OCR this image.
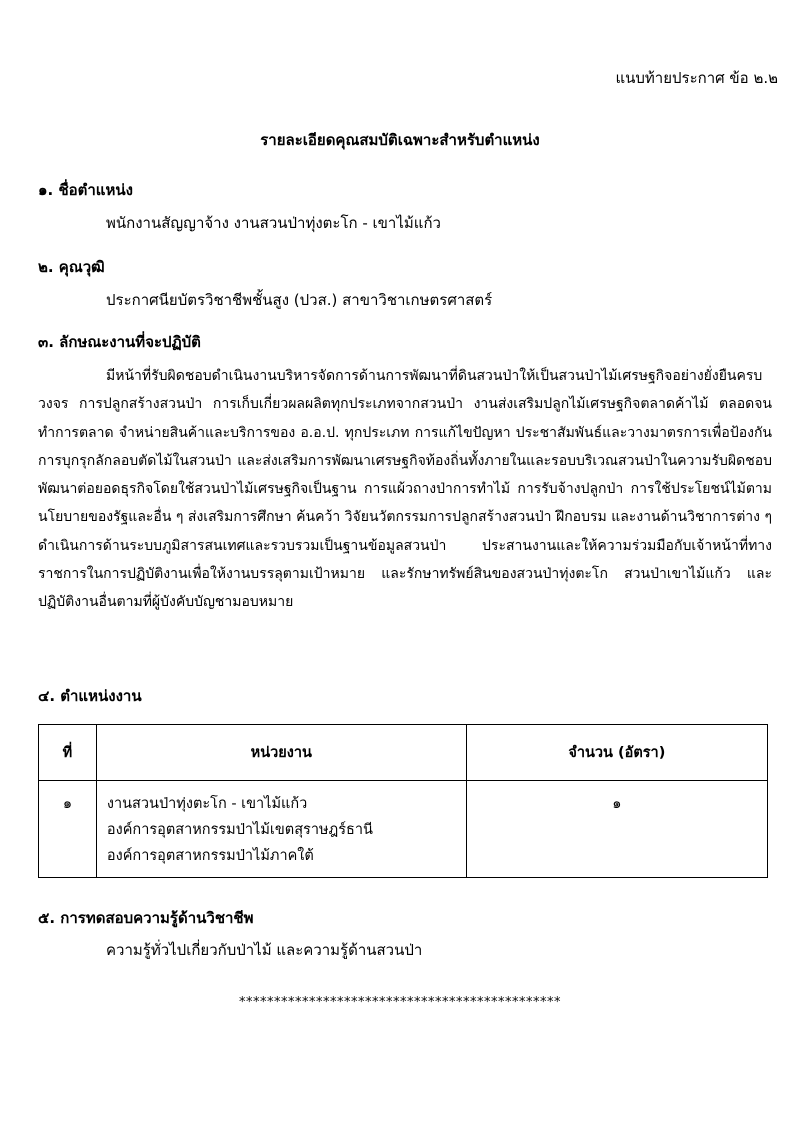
แนบท้ายประกาศ ข้อ ๒.๒
รายละเอียดคุณสมบัติเฉพาะสำหรับตำแหน่ง
๑. ชื่อตำแหน่ง
พนักงานสัญญาจ้าง งานสวนป่าทุ่งตะโก - เขาไม้แก้ว
๒. คุณวุฒิ
ประกาศนียบัตรวิชาชีพชั้นสูง (ปวส.) สาขาวิชาเกษตรศาสตร์
๓. ลักษณะงานที่จะปฏิบัติ

มีหน้าที่รับผิดชอบดำเนินงานบริหารจัดการด้านการพัฒนาที่ดินสวนป่าให้เป็นสวนป่าไม้เศรษฐกิจอย่างยั่งยืนครบวงจร การปลูกสร้างสวนป่า การเก็บเกี่ยวผลผลิตทุกประเภทจากสวนป่า งานส่งเสริมปลูกไม้เศรษฐกิจตลาดค้าไม้ ตลอดจนทำการตลาด จำหน่ายสินค้าและบริการของ อ.อ.ป. ทุกประเภท การแก้ไขปัญหา ประชาสัมพันธ์และวางมาตรการเพื่อป้องกันการบุกรุกลักลอบตัดไม้ในสวนป่า และส่งเสริมการพัฒนาเศรษฐกิจท้องถิ่นทั้งภายในและรอบบริเวณสวนป่าในความรับผิดชอบ พัฒนาต่อยอดธุรกิจโดยใช้สวนป่าไม้เศรษฐกิจเป็นฐาน การแผ้วถางป่าการทำไม้ การรับจ้างปลูกป่า การใช้ประโยชน์ไม้ตามนโยบายของรัฐและอื่น ๆ ส่งเสริมการศึกษา ค้นคว้า วิจัยนวัตกรรมการปลูกสร้างสวนป่า ฝึกอบรม และงานด้านวิชาการต่าง ๆ ดำเนินการด้านระบบภูมิสารสนเทศและรวบรวมเป็นฐานข้อมูลสวนป่า ประสานงานและให้ความร่วมมือกับเจ้าหน้าที่ทางราชการในการปฏิบัติงานเพื่อให้งานบรรลุตามเป้าหมาย และรักษาทรัพย์สินของสวนป่าทุ่งตะโก สวนป่าเขาไม้แก้ว และปฏิบัติงานอื่นตามที่ผู้บังคับบัญชามอบหมาย

๔. ตำแหน่งงาน
ที่	หน่วยงาน	จำนวน (อัตรา)
๑	งานสวนป่าทุ่งตะโก - เขาไม้แก้ว
องค์การอุตสาหกรรมป่าไม้เขตสุราษฎร์ธานี
องค์การอุตสาหกรรมป่าไม้ภาคใต้	๑
๕. การทดสอบความรู้ด้านวิชาชีพ
ความรู้ทั่วไปเกี่ยวกับป่าไม้ และความรู้ด้านสวนป่า
**********************************************
